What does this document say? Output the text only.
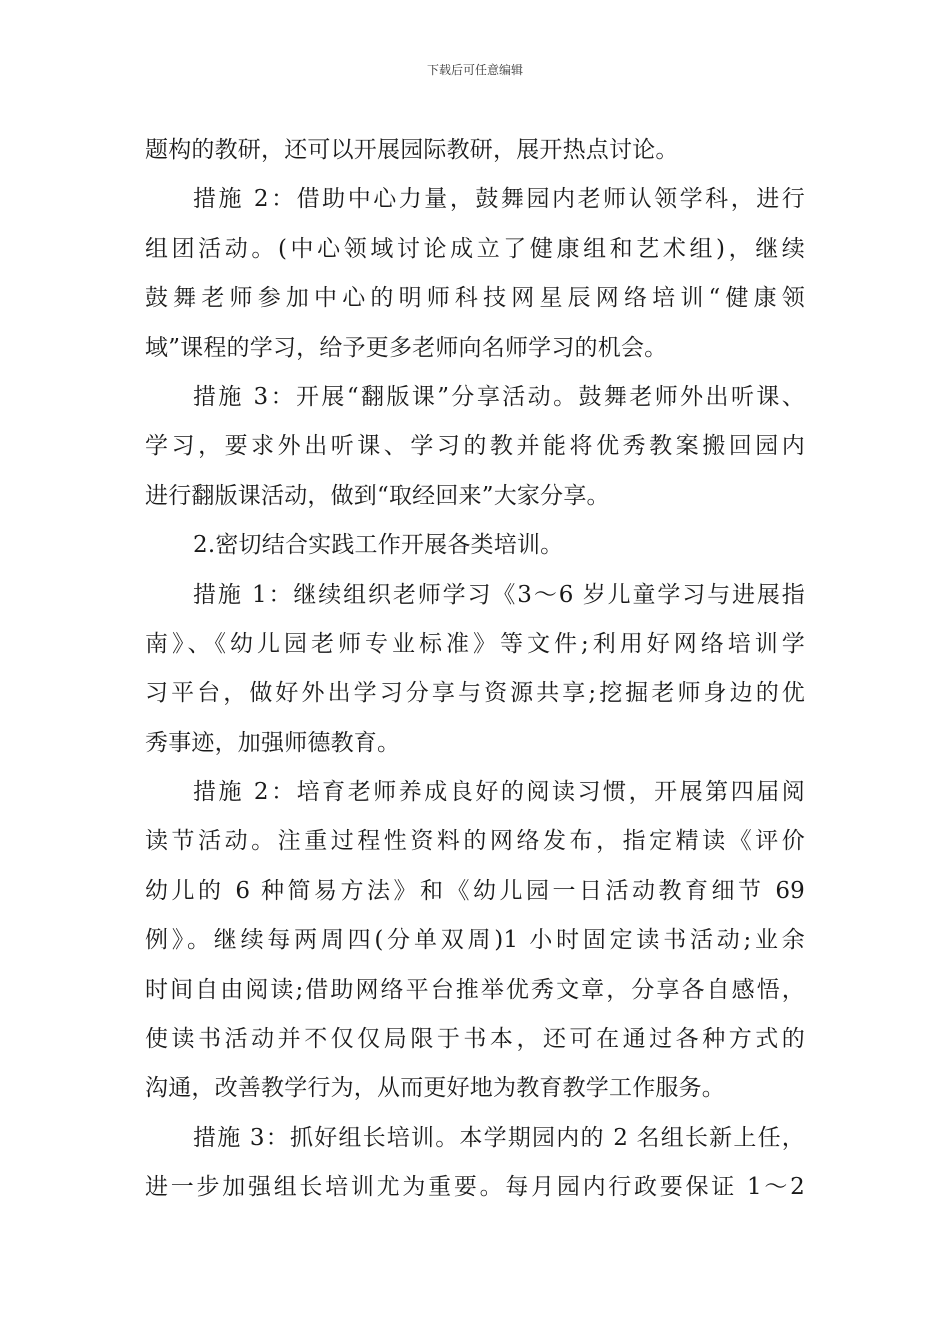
下载后可任意编辑
题构的教研，还可以开展园际教研，展开热点讨论。
措施 2：借助中心力量，鼓舞园内老师认领学科，进行
组团活动。(中心领域讨论成立了健康组和艺术组)，继续
鼓舞老师参加中心的明师科技网星辰网络培训“健康领
域”课程的学习，给予更多老师向名师学习的机会。
措施 3：开展“翻版课”分享活动。鼓舞老师外出听课、
学习，要求外出听课、学习的教并能将优秀教案搬回园内
进行翻版课活动，做到“取经回来”大家分享。
2.密切结合实践工作开展各类培训。
措施 1：继续组织老师学习《3～6 岁儿童学习与进展指
南》、《幼儿园老师专业标准》等文件;利用好网络培训学
习平台，做好外出学习分享与资源共享;挖掘老师身边的优
秀事迹，加强师德教育。
措施 2：培育老师养成良好的阅读习惯，开展第四届阅
读节活动。注重过程性资料的网络发布，指定精读《评价
幼儿的 6 种简易方法》和《幼儿园一日活动教育细节 69
例》。继续每两周四(分单双周)1 小时固定读书活动;业余
时间自由阅读;借助网络平台推举优秀文章，分享各自感悟，
使读书活动并不仅仅局限于书本，还可在通过各种方式的
沟通，改善教学行为，从而更好地为教育教学工作服务。
措施 3：抓好组长培训。本学期园内的 2 名组长新上任，
进一步加强组长培训尤为重要。每月园内行政要保证 1～2
